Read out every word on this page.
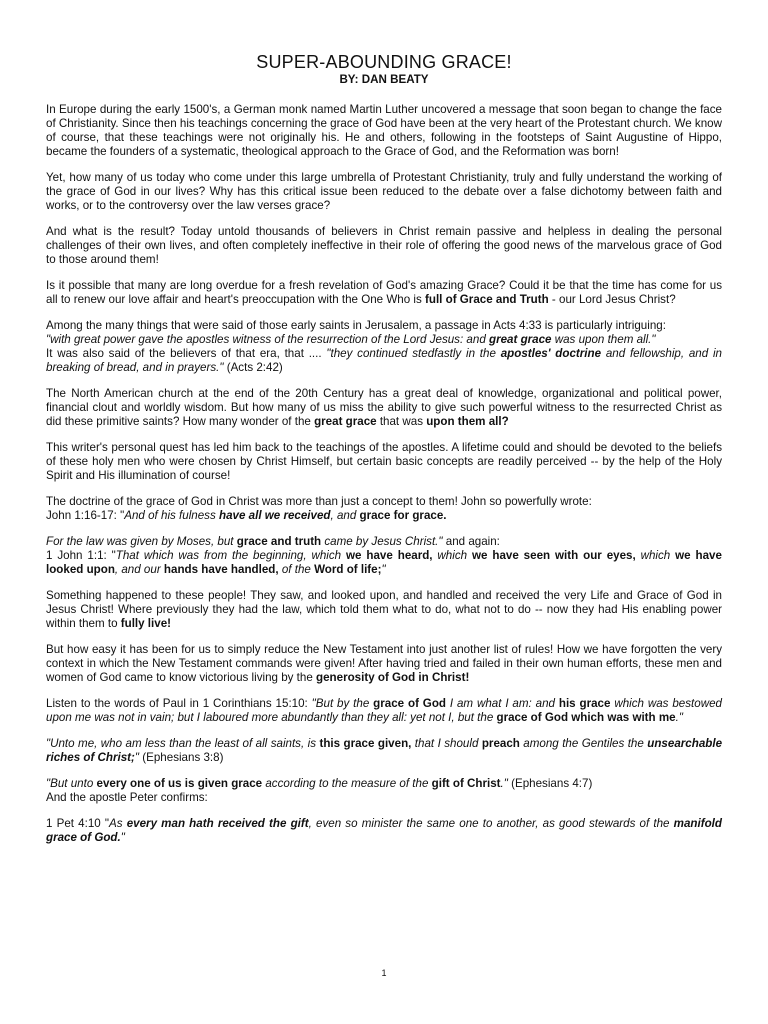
SUPER-ABOUNDING GRACE!
BY: DAN BEATY

In Europe during the early 1500's, a German monk named Martin Luther uncovered a message that soon began to change the face of Christianity. Since then his teachings concerning the grace of God have been at the very heart of the Protestant church. We know of course, that these teachings were not originally his. He and others, following in the footsteps of Saint Augustine of Hippo, became the founders of a systematic, theological approach to the Grace of God, and the Reformation was born!

Yet, how many of us today who come under this large umbrella of Protestant Christianity, truly and fully understand the working of the grace of God in our lives? Why has this critical issue been reduced to the debate over a false dichotomy between faith and works, or to the controversy over the law verses grace?

And what is the result? Today untold thousands of believers in Christ remain passive and helpless in dealing the personal challenges of their own lives, and often completely ineffective in their role of offering the good news of the marvelous grace of God to those around them!

Is it possible that many are long overdue for a fresh revelation of God's amazing Grace? Could it be that the time has come for us all to renew our love affair and heart's preoccupation with the One Who is full of Grace and Truth - our Lord Jesus Christ?

Among the many things that were said of those early saints in Jerusalem, a passage in Acts 4:33 is particularly intriguing:
"with great power gave the apostles witness of the resurrection of the Lord Jesus: and great grace was upon them all."
It was also said of the believers of that era, that .... "they continued stedfastly in the apostles' doctrine and fellowship, and in breaking of bread, and in prayers." (Acts 2:42)

The North American church at the end of the 20th Century has a great deal of knowledge, organizational and political power, financial clout and worldly wisdom. But how many of us miss the ability to give such powerful witness to the resurrected Christ as did these primitive saints? How many wonder of the great grace that was upon them all?

This writer's personal quest has led him back to the teachings of the apostles. A lifetime could and should be devoted to the beliefs of these holy men who were chosen by Christ Himself, but certain basic concepts are readily perceived -- by the help of the Holy Spirit and His illumination of course!

The doctrine of the grace of God in Christ was more than just a concept to them! John so powerfully wrote:
John 1:16-17: "And of his fulness have all we received, and grace for grace.

For the law was given by Moses, but grace and truth came by Jesus Christ." and again:
1 John 1:1: "That which was from the beginning, which we have heard, which we have seen with our eyes, which we have looked upon, and our hands have handled, of the Word of life;"

Something happened to these people! They saw, and looked upon, and handled and received the very Life and Grace of God in Jesus Christ! Where previously they had the law, which told them what to do, what not to do -- now they had His enabling power within them to fully live!

But how easy it has been for us to simply reduce the New Testament into just another list of rules! How we have forgotten the very context in which the New Testament commands were given! After having tried and failed in their own human efforts, these men and women of God came to know victorious living by the generosity of God in Christ!

Listen to the words of Paul in 1 Corinthians 15:10: "But by the grace of God I am what I am: and his grace which was bestowed upon me was not in vain; but I laboured more abundantly than they all: yet not I, but the grace of God which was with me."

"Unto me, who am less than the least of all saints, is this grace given, that I should preach among the Gentiles the unsearchable riches of Christ;" (Ephesians 3:8)

"But unto every one of us is given grace according to the measure of the gift of Christ." (Ephesians 4:7)
And the apostle Peter confirms:

1 Pet 4:10 "As every man hath received the gift, even so minister the same one to another, as good stewards of the manifold grace of God."

1
